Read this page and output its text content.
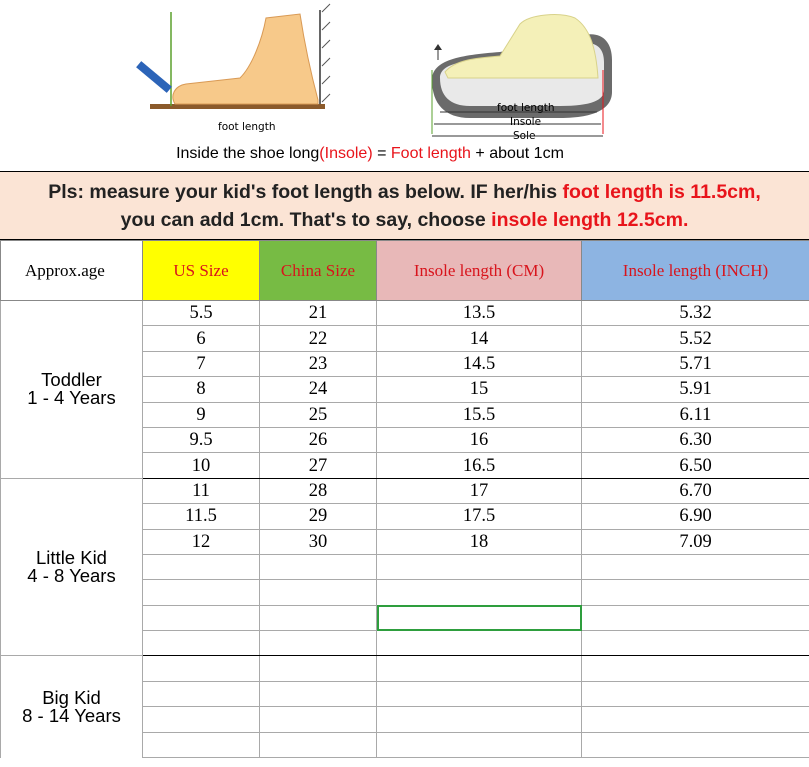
foot length
foot length
Insole
Sole
Inside the shoe long(Insole) = Foot length + about 1cm
Pls: measure your kid's foot length as below. IF her/his foot length is 11.5cm,
you can add 1cm. That's to say, choose insole length 12.5cm.
Approx.age	US Size	China Size	Insole length (CM)	Insole length (INCH)
Toddler
1 - 4 Years	5.5	21	13.5	5.32
	6	22	14	5.52
	7	23	14.5	5.71
	8	24	15	5.91
	9	25	15.5	6.11
	9.5	26	16	6.30
	10	27	16.5	6.50
Little Kid
4 - 8 Years	11	28	17	6.70
	11.5	29	17.5	6.90
	12	30	18	7.09

Big Kid
8 - 14 Years				
